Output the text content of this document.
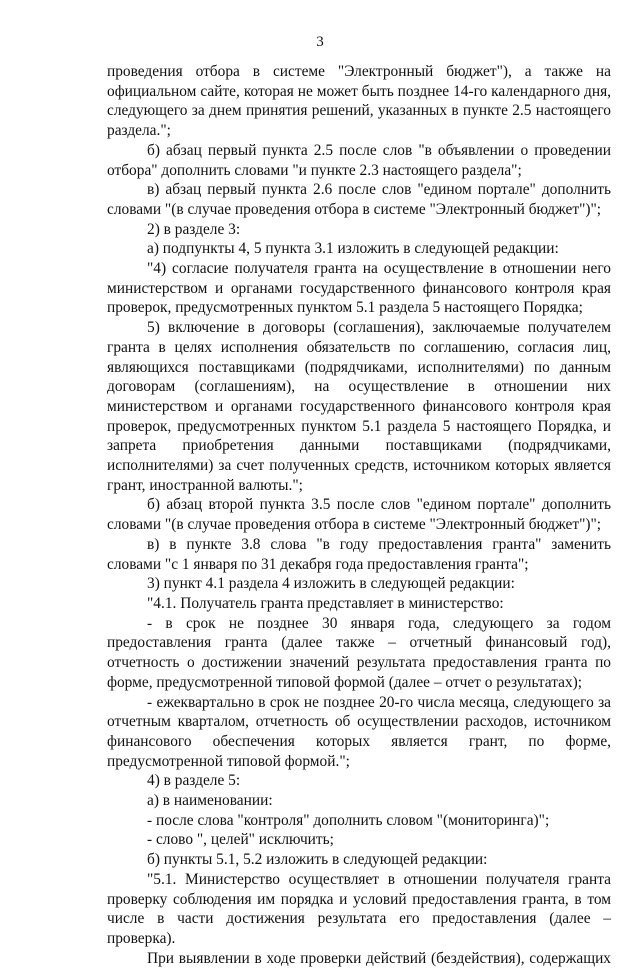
3

проведения отбора в системе "Электронный бюджет"), а также на официальном сайте, которая не может быть позднее 14-го календарного дня, следующего за днем принятия решений, указанных в пункте 2.5 настоящего раздела.";

б) абзац первый пункта 2.5 после слов "в объявлении о проведении отбора" дополнить словами "и пункте 2.3 настоящего раздела";

в) абзац первый пункта 2.6 после слов "едином портале" дополнить словами "(в случае проведения отбора в системе "Электронный бюджет")";

2) в разделе 3:

а) подпункты 4, 5 пункта 3.1 изложить в следующей редакции:

"4) согласие получателя гранта на осуществление в отношении него министерством и органами государственного финансового контроля края проверок, предусмотренных пунктом 5.1 раздела 5 настоящего Порядка;

5) включение в договоры (соглашения), заключаемые получателем гранта в целях исполнения обязательств по соглашению, согласия лиц, являющихся поставщиками (подрядчиками, исполнителями) по данным договорам (соглашениям), на осуществление в отношении них министерством и органами государственного финансового контроля края проверок, предусмотренных пунктом 5.1 раздела 5 настоящего Порядка, и запрета приобретения данными поставщиками (подрядчиками, исполнителями) за счет полученных средств, источником которых является грант, иностранной валюты.";

б) абзац второй пункта 3.5 после слов "едином портале" дополнить словами "(в случае проведения отбора в системе "Электронный бюджет")";

в) в пункте 3.8 слова "в году предоставления гранта" заменить словами "с 1 января по 31 декабря года предоставления гранта";

3) пункт 4.1 раздела 4 изложить в следующей редакции:

"4.1. Получатель гранта представляет в министерство:

- в срок не позднее 30 января года, следующего за годом предоставления гранта (далее также – отчетный финансовый год), отчетность о достижении значений результата предоставления гранта по форме, предусмотренной типовой формой (далее – отчет о результатах);

- ежеквартально в срок не позднее 20-го числа месяца, следующего за отчетным кварталом, отчетность об осуществлении расходов, источником финансового обеспечения которых является грант, по форме, предусмотренной типовой формой.";

4) в разделе 5:

а) в наименовании:

- после слова "контроля" дополнить словом "(мониторинга)";

- слово ", целей" исключить;

б) пункты 5.1, 5.2 изложить в следующей редакции:

"5.1. Министерство осуществляет в отношении получателя гранта проверку соблюдения им порядка и условий предоставления гранта, в том числе в части достижения результата его предоставления (далее – проверка).

При выявлении в ходе проверки действий (бездействия), содержащих
